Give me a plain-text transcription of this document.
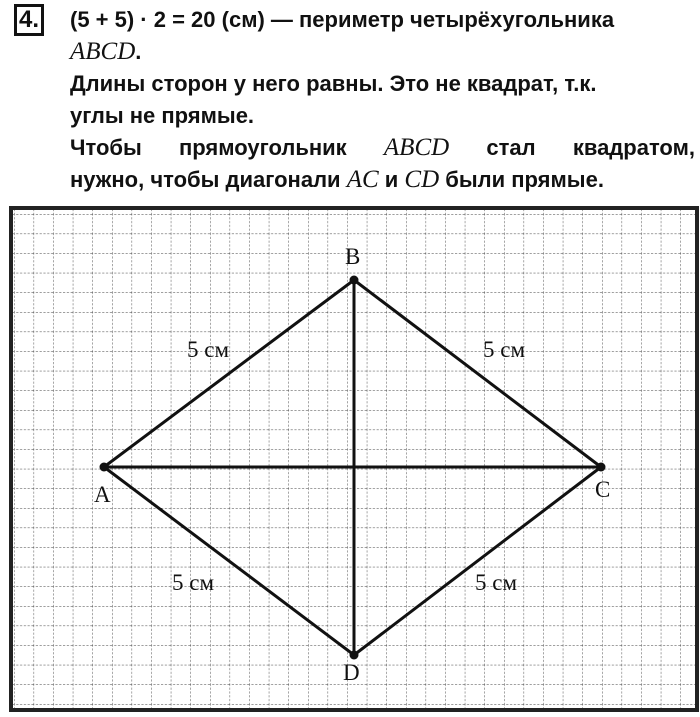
4. (5 + 5) · 2 = 20 (см) — периметр четырёхугольника
ABCD.
Длины сторон у него равны. Это не квадрат, т.к.
углы не прямые.
Чтобы прямоугольник ABCD стал квадратом,
нужно, чтобы диагонали AC и CD были прямые.
A
B
C
D
5 см	5 см
5 см	5 см
